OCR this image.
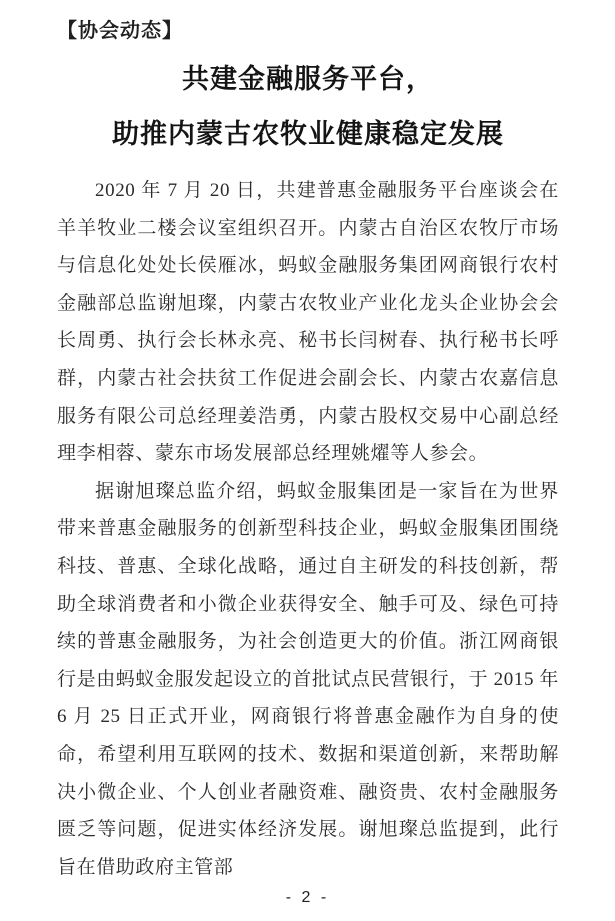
【协会动态】
共建金融服务平台，
助推内蒙古农牧业健康稳定发展

2020 年 7 月 20 日，共建普惠金融服务平台座谈会在羊羊牧业二楼会议室组织召开。内蒙古自治区农牧厅市场与信息化处处长侯雁冰，蚂蚁金融服务集团网商银行农村金融部总监谢旭璨，内蒙古农牧业产业化龙头企业协会会长周勇、执行会长林永亮、秘书长闫树春、执行秘书长呼群，内蒙古社会扶贫工作促进会副会长、内蒙古农嘉信息服务有限公司总经理姜浩勇，内蒙古股权交易中心副总经理李相蓉、蒙东市场发展部总经理姚燿等人参会。

据谢旭璨总监介绍，蚂蚁金服集团是一家旨在为世界带来普惠金融服务的创新型科技企业，蚂蚁金服集团围绕科技、普惠、全球化战略，通过自主研发的科技创新，帮助全球消费者和小微企业获得安全、触手可及、绿色可持续的普惠金融服务，为社会创造更大的价值。浙江网商银行是由蚂蚁金服发起设立的首批试点民营银行，于 2015 年 6 月 25 日正式开业，网商银行将普惠金融作为自身的使命，希望利用互联网的技术、数据和渠道创新，来帮助解决小微企业、个人创业者融资难、融资贵、农村金融服务匮乏等问题，促进实体经济发展。谢旭璨总监提到，此行旨在借助政府主管部

- 2 -
